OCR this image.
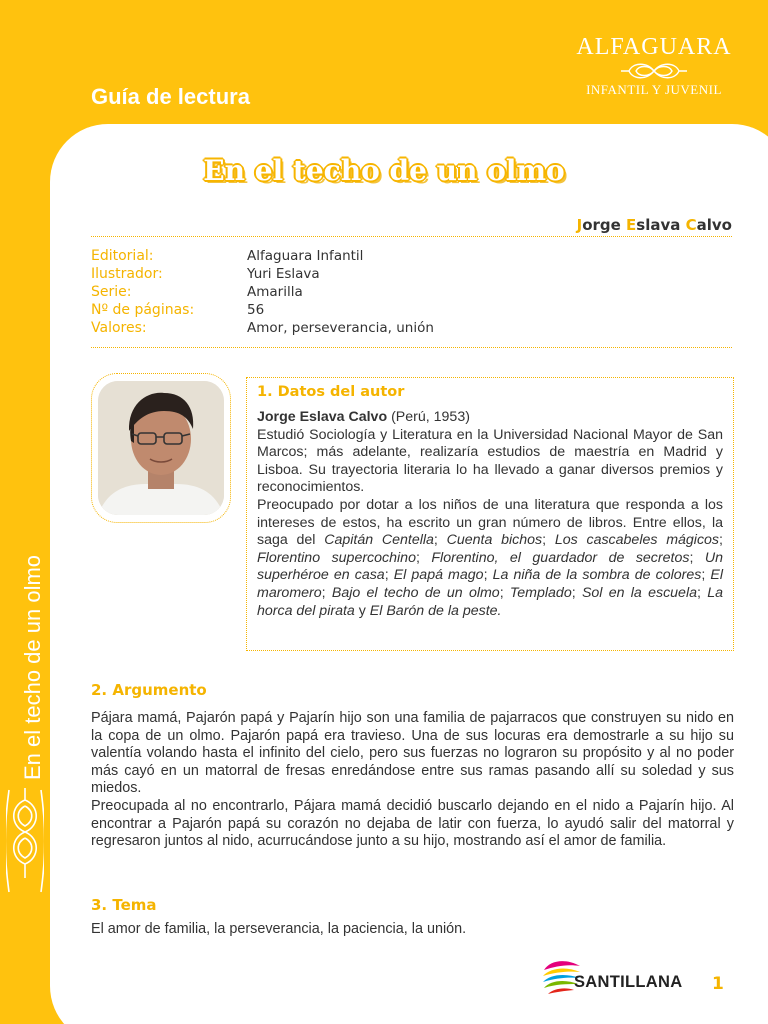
Guía de lectura
ALFAGUARA
INFANTIL Y JUVENIL
En el techo de un olmo
En el techo de un olmo
Jorge Eslava Calvo
Editorial:	Alfaguara Infantil
Ilustrador:	Yuri Eslava
Serie:	Amarilla
Nº de páginas:	56
Valores:	Amor, perseverancia, unión
1. Datos del autor

Jorge Eslava Calvo (Perú, 1953)

Estudió Sociología y Literatura en la Universidad Nacional Mayor de San Marcos; más adelante, realizaría estudios de maestría en Madrid y Lisboa. Su trayectoria literaria lo ha llevado a ganar diversos premios y reconocimientos.

Preocupado por dotar a los niños de una literatura que responda a los intereses de estos, ha escrito un gran número de libros. Entre ellos, la saga del Capitán Centella; Cuenta bichos; Los cascabeles mágicos; Florentino supercochino; Florentino, el guardador de secretos; Un superhéroe en casa; El papá mago; La niña de la sombra de colores; El maromero; Bajo el techo de un olmo; Templado; Sol en la escuela; La horca del pirata y El Barón de la peste.

2. Argumento

Pájara mamá, Pajarón papá y Pajarín hijo son una familia de pajarracos que construyen su nido en la copa de un olmo. Pajarón papá era travieso. Una de sus locuras era demostrarle a su hijo su valentía volando hasta el infinito del cielo, pero sus fuerzas no lograron su propósito y al no poder más cayó en un matorral de fresas enredándose entre sus ramas pasando allí su soledad y sus miedos.

Preocupada al no encontrarlo, Pájara mamá decidió buscarlo dejando en el nido a Pajarín hijo. Al encontrar a Pajarón papá su corazón no dejaba de latir con fuerza, lo ayudó salir del matorral y regresaron juntos al nido, acurrucándose junto a su hijo, mostrando así el amor de familia.

3. Tema
El amor de familia, la perseverancia, la paciencia, la unión.
SANTILLANA 1
